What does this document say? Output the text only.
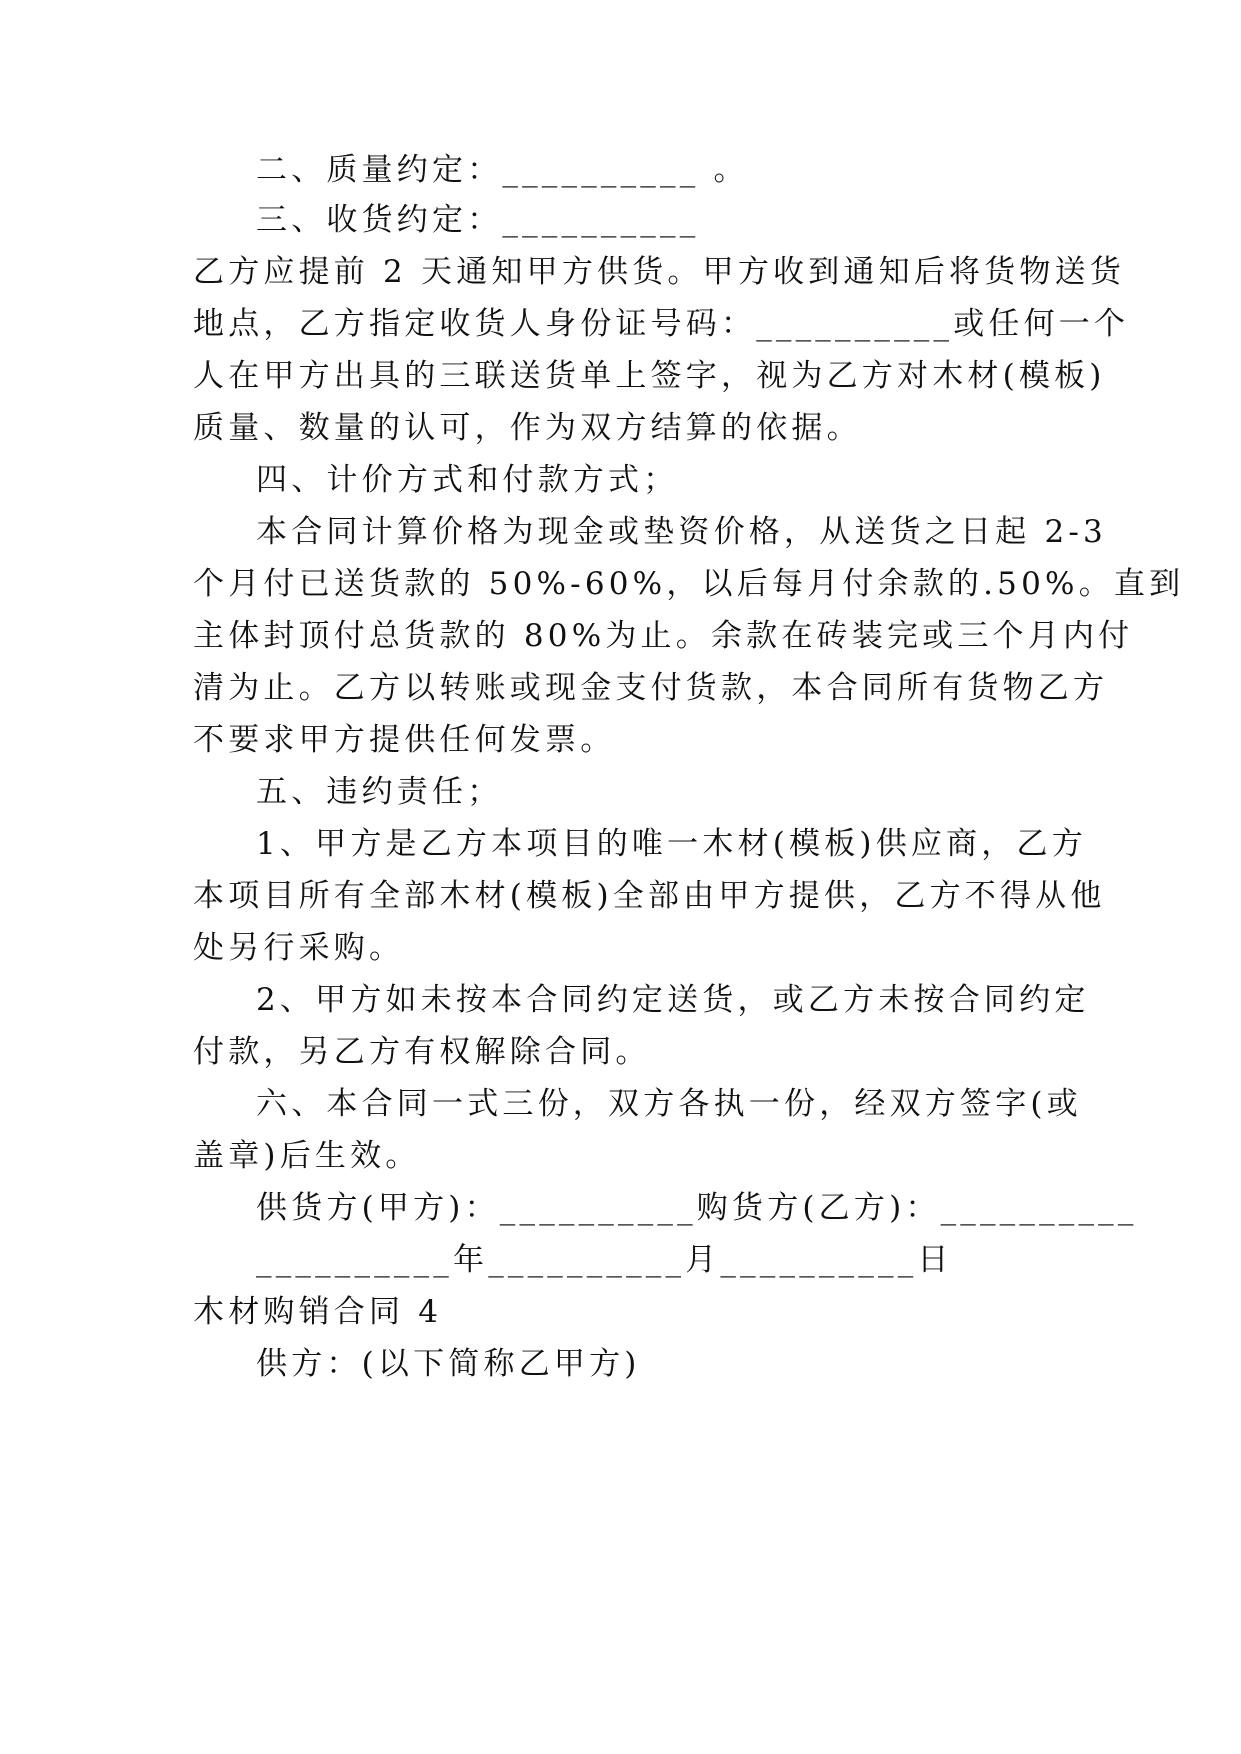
二、质量约定：__________ 。
三、收货约定：__________
乙方应提前 2 天通知甲方供货。甲方收到通知后将货物送货
地点，乙方指定收货人身份证号码：__________或任何一个
人在甲方出具的三联送货单上签字，视为乙方对木材(模板)
质量、数量的认可，作为双方结算的依据。
四、计价方式和付款方式；
本合同计算价格为现金或垫资价格，从送货之日起 2-3
个月付已送货款的 50%-60%，以后每月付余款的.50%。直到
主体封顶付总货款的 80%为止。余款在砖装完或三个月内付
清为止。乙方以转账或现金支付货款，本合同所有货物乙方
不要求甲方提供任何发票。
五、违约责任；
1、甲方是乙方本项目的唯一木材(模板)供应商，乙方
本项目所有全部木材(模板)全部由甲方提供，乙方不得从他
处另行采购。
2、甲方如未按本合同约定送货，或乙方未按合同约定
付款，另乙方有权解除合同。
六、本合同一式三份，双方各执一份，经双方签字(或
盖章)后生效。
供货方(甲方)：__________购货方(乙方)：__________
__________年__________月__________日
木材购销合同 4
供方：(以下简称乙甲方)
